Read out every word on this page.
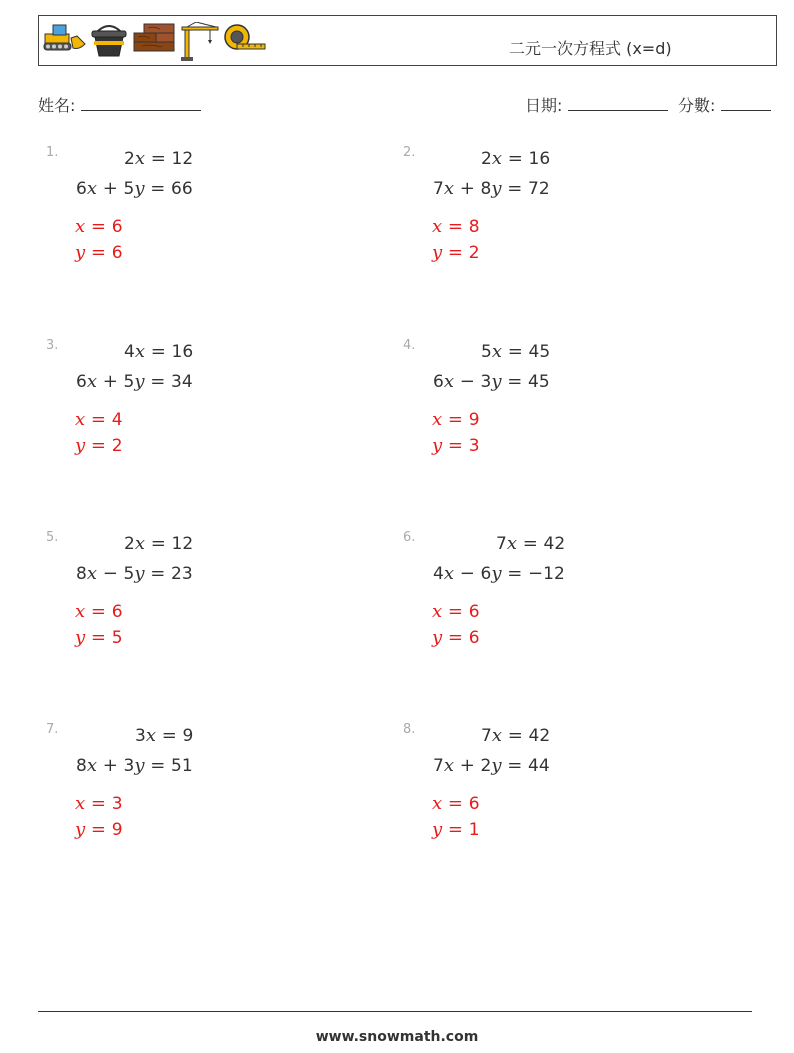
二元一次方程式 (x=d)
姓名:	日期:	分數:
1.
6x + 5y = 66
2x = 12
x = 6
y = 6
2.
7x + 8y = 72
2x = 16
x = 8
y = 2
3.
6x + 5y = 34
4x = 16
x = 4
y = 2
4.
6x − 3y = 45
5x = 45
x = 9
y = 3
5.
8x − 5y = 23
2x = 12
x = 6
y = 5
6.
4x − 6y = −12
7x = 42
x = 6
y = 6
7.
8x + 3y = 51
3x = 9
x = 3
y = 9
8.
7x + 2y = 44
7x = 42
x = 6
y = 1
www.snowmath.com
